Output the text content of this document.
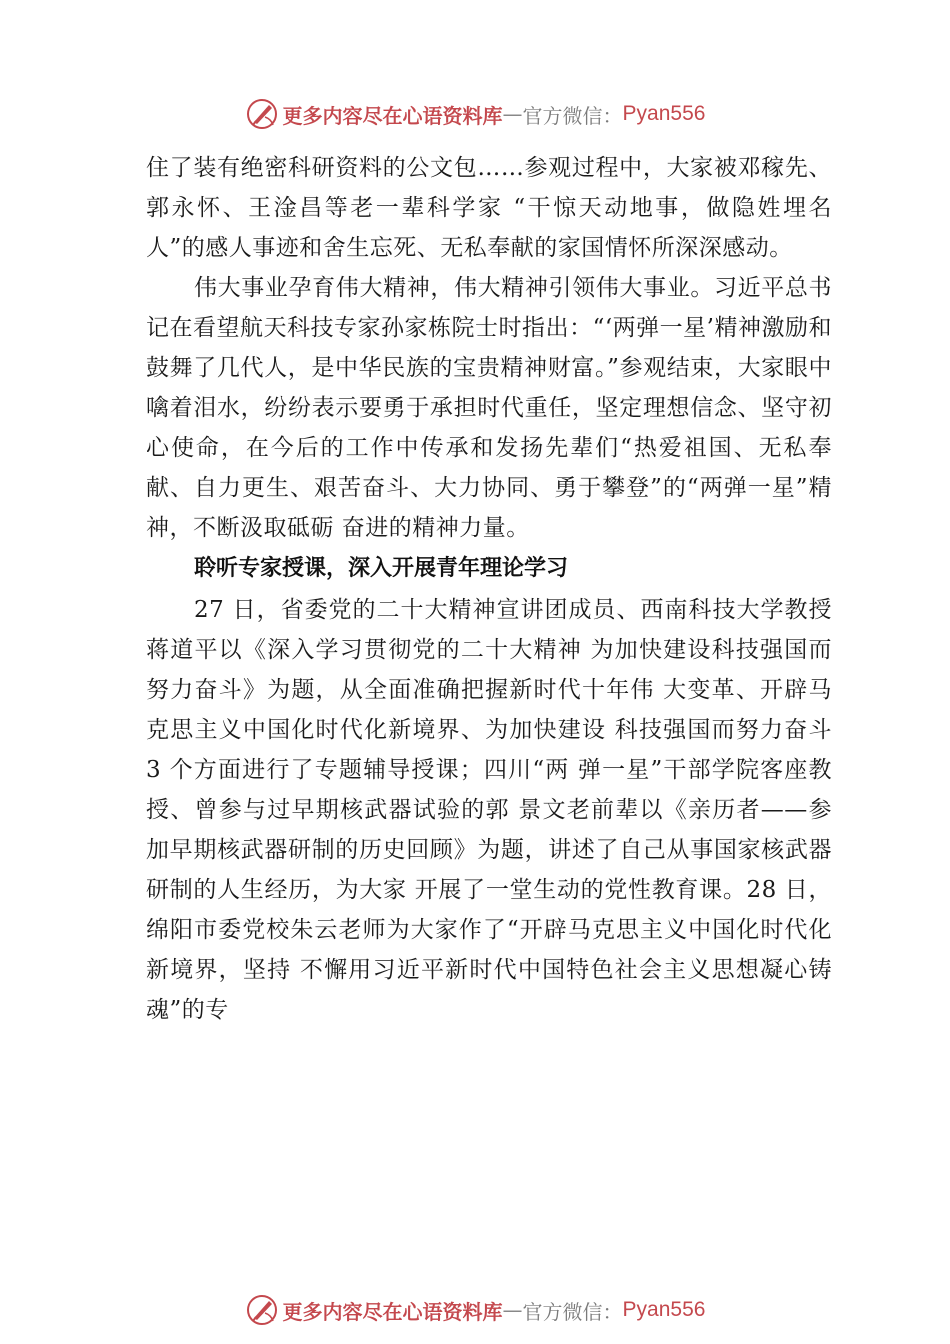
更多内容尽在心语资料库 — 官方微信： Pyan556

住了装有绝密科研资料的公文包……参观过程中，大家被邓稼先、郭永怀、王淦昌等老一辈科学家 “干惊天动地事，做隐姓埋名人”的感人事迹和舍生忘死、无私奉献的家国情怀所深深感动。

伟大事业孕育伟大精神，伟大精神引领伟大事业。习近平总书记在看望航天科技专家孙家栋院士时指出：“‘两弹一星’精神激励和鼓舞了几代人，是中华民族的宝贵精神财富。”参观结束，大家眼中噙着泪水，纷纷表示要勇于承担时代重任，坚定理想信念、坚守初心使命，在今后的工作中传承和发扬先辈们“热爱祖国、无私奉献、自力更生、艰苦奋斗、大力协同、勇于攀登”的“两弹一星”精神，不断汲取砥砺 奋进的精神力量。

聆听专家授课，深入开展青年理论学习

27 日，省委党的二十大精神宣讲团成员、西南科技大学教授蒋道平以《深入学习贯彻党的二十大精神 为加快建设科技强国而努力奋斗》为题，从全面准确把握新时代十年伟 大变革、开辟马克思主义中国化时代化新境界、为加快建设 科技强国而努力奋斗 3 个方面进行了专题辅导授课；四川“两 弹一星”干部学院客座教授、曾参与过早期核武器试验的郭 景文老前辈以《亲历者——参加早期核武器研制的历史回顾》为题，讲述了自己从事国家核武器研制的人生经历，为大家 开展了一堂生动的党性教育课。28 日，绵阳市委党校朱云老师为大家作了“开辟马克思主义中国化时代化新境界，坚持 不懈用习近平新时代中国特色社会主义思想凝心铸魂”的专

更多内容尽在心语资料库 — 官方微信： Pyan556
